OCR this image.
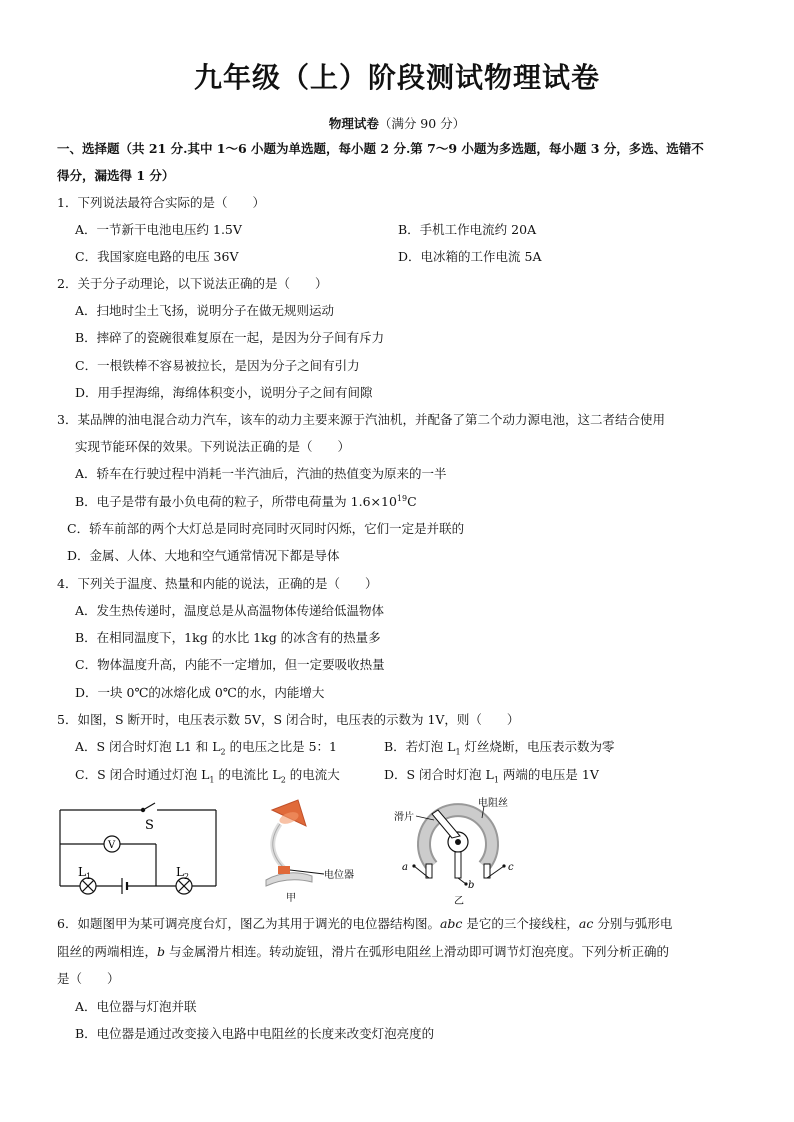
九年级（上）阶段测试物理试卷
物理试卷（满分 90 分）
一、选择题（共 21 分.其中 1～6 小题为单选题，每小题 2 分.第 7～9 小题为多选题，每小题 3 分，多选、选错不
得分，漏选得 1 分）
1．下列说法最符合实际的是（　　）
A．一节新干电池电压约 1.5V	B．手机工作电流约 20A
C．我国家庭电路的电压 36V	D．电冰箱的工作电流 5A
2．关于分子动理论，以下说法正确的是（　　）
A．扫地时尘土飞扬，说明分子在做无规则运动
B．摔碎了的瓷碗很难复原在一起，是因为分子间有斥力
C．一根铁棒不容易被拉长，是因为分子之间有引力
D．用手捏海绵，海绵体积变小，说明分子之间有间隙
3．某品牌的油电混合动力汽车，该车的动力主要来源于汽油机，并配备了第二个动力源电池，这二者结合使用
实现节能环保的效果。下列说法正确的是（　　）
A．轿车在行驶过程中消耗一半汽油后，汽油的热值变为原来的一半
B．电子是带有最小负电荷的粒子，所带电荷量为 $1.6\times 10^{19}C$
C．轿车前部的两个大灯总是同时亮同时灭同时闪烁，它们一定是并联的
D．金属、人体、大地和空气通常情况下都是导体
4．下列关于温度、热量和内能的说法，正确的是（　　）
A．发生热传递时，温度总是从高温物体传递给低温物体
B．在相同温度下，1kg 的水比 1kg 的冰含有的热量多
C．物体温度升高，内能不一定增加，但一定要吸收热量
D．一块 0℃的冰熔化成 0℃的水，内能增大
5．如图，S 断开时，电压表示数 5V，S 闭合时，电压表的示数为 1V，则（　　）
A．S 闭合时灯泡 L1 和 $L_2$ 的电压之比是 5：1	B．若灯泡 $L_1$ 灯丝烧断，电压表示数为零
C．S 闭合时通过灯泡 $L_1$ 的电流比 $L_2$ 的电流大	D．S 闭合时灯泡 $L_1$ 两端的电压是 1V
S
V
$L_1$	$L_2$	电位器
甲
滑片
电阻丝
a
b
c
乙
6．如题图甲为某可调亮度台灯，图乙为其用于调光的电位器结构图。abc 是它的三个接线柱，ac 分别与弧形电
阻丝的两端相连，b 与金属滑片相连。转动旋钮，滑片在弧形电阻丝上滑动即可调节灯泡亮度。下列分析正确的
是（　　）
A．电位器与灯泡并联
B．电位器是通过改变接入电路中电阻丝的长度来改变灯泡亮度的
